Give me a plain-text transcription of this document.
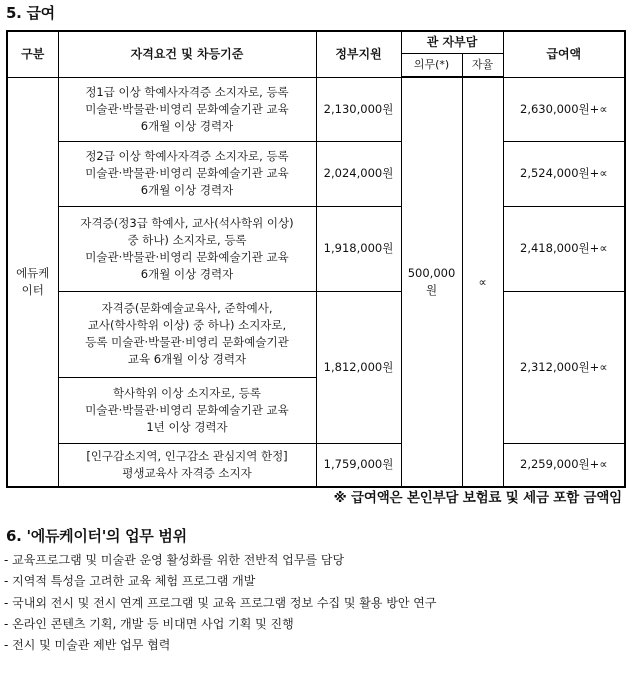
5. 급여
구분	자격요건 및 차등기준	정부지원	관 자부담		급여액
			의무(*)	자율	
에듀케이터	정1급 이상 학예사자격증 소지자로, 등록
미술관·박물관·비영리 문화예술기관 교육
6개월 이상 경력자	2,130,000원	500,000원	∝	2,630,000원+∝

	정2급 이상 학예사자격증 소지자로, 등록
미술관·박물관·비영리 문화예술기관 교육
6개월 이상 경력자	2,024,000원			2,524,000원+∝

	자격증(정3급 학예사, 교사(석사학위 이상)
중 하나) 소지자로, 등록
미술관·박물관·비영리 문화예술기관 교육
6개월 이상 경력자	1,918,000원			2,418,000원+∝

	자격증(문화예술교육사, 준학예사,
교사(학사학위 이상) 중 하나) 소지자로,
등록 미술관·박물관·비영리 문화예술기관
교육 6개월 이상 경력자	1,812,000원			2,312,000원+∝

	학사학위 이상 소지자로, 등록
미술관·박물관·비영리 문화예술기관 교육
1년 이상 경력자				

	[인구감소지역, 인구감소 관심지역 한정]
평생교육사 자격증 소지자	1,759,000원			2,259,000원+∝
※ 급여액은 본인부담 보험료 및 세금 포함 금액임
6. '에듀케이터'의 업무 범위
- 교육프로그램 및 미술관 운영 활성화를 위한 전반적 업무를 담당
- 지역적 특성을 고려한 교육 체험 프로그램 개발
- 국내외 전시 및 전시 연계 프로그램 및 교육 프로그램 정보 수집 및 활용 방안 연구
- 온라인 콘텐츠 기획, 개발 등 비대면 사업 기획 및 진행
- 전시 및 미술관 제반 업무 협력
